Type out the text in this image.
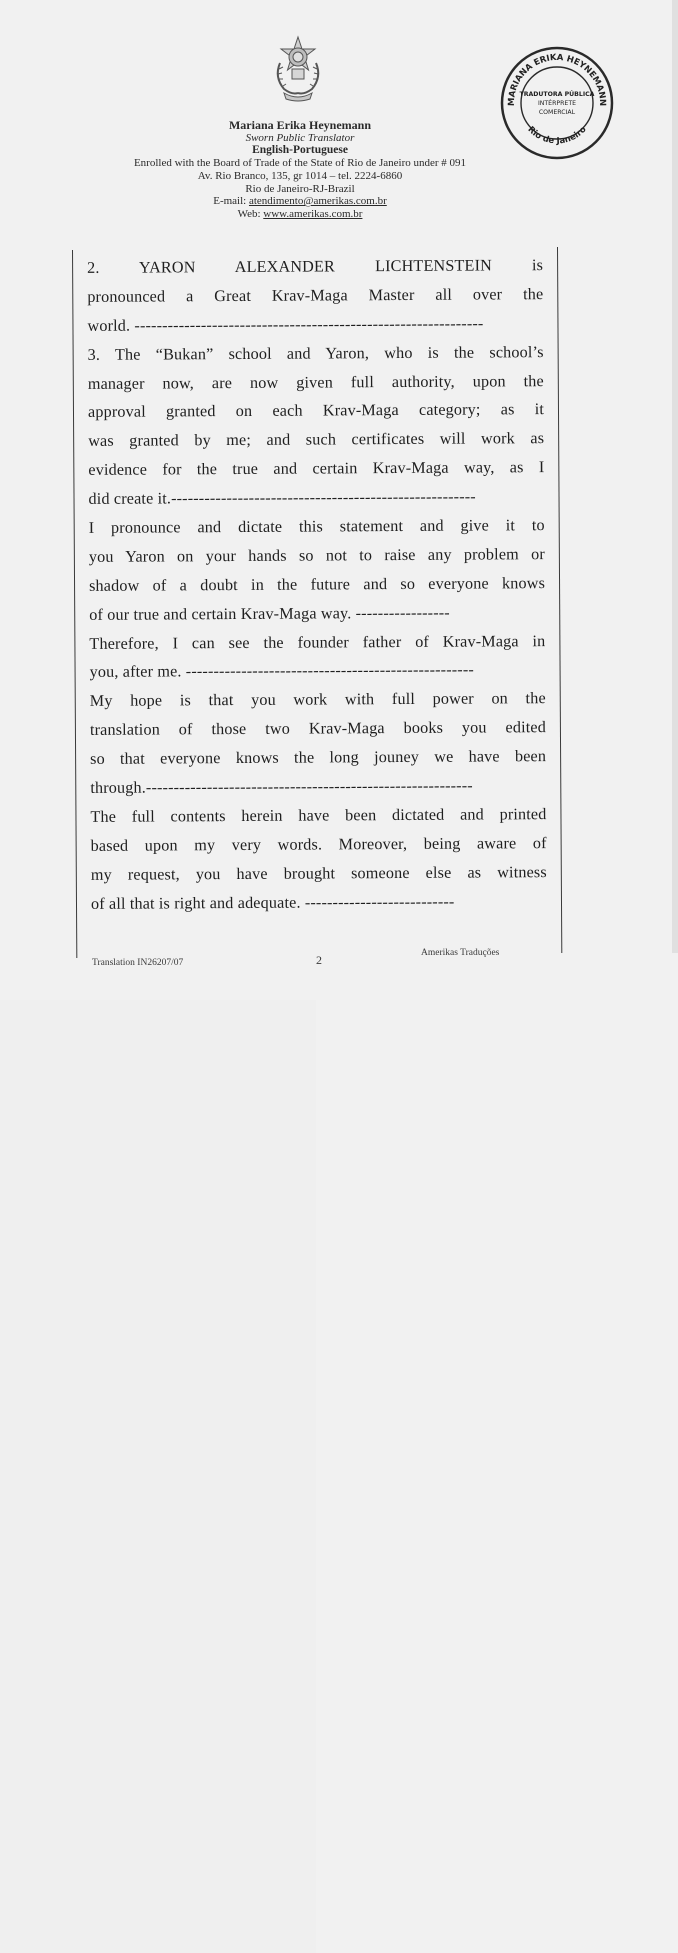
MARIANA ERIKA HEYNEMANN
Rio de Janeiro
TRADUTORA PÚBLICA
INTÉRPRETE
COMERCIAL
Mariana Erika Heynemann
Sworn Public Translator
English-Portuguese
Enrolled with the Board of Trade of the State of Rio de Janeiro under # 091
Av. Rio Branco, 135, gr 1014 – tel. 2224-6860
Rio de Janeiro-RJ-Brazil
E-mail: atendimento@amerikas.com.br
Web: www.amerikas.com.br
2. YARON ALEXANDER LICHTENSTEIN is
pronounced a Great Krav-Maga Master all over the
world. ---------------------------------------------------------------
3. The “Bukan” school and Yaron, who is the school’s
manager now, are now given full authority, upon the
approval granted on each Krav-Maga category; as it
was granted by me; and such certificates will work as
evidence for the true and certain Krav-Maga way, as I
did create it.-------------------------------------------------------
I pronounce and dictate this statement and give it to
you Yaron on your hands so not to raise any problem or
shadow of a doubt in the future and so everyone knows
of our true and certain Krav-Maga way. -----------------
Therefore, I can see the founder father of Krav-Maga in
you, after me. ----------------------------------------------------
My hope is that you work with full power on the
translation of those two Krav-Maga books you edited
so that everyone knows the long jouney we have been
through.-----------------------------------------------------------
The full contents herein have been dictated and printed
based upon my very words. Moreover, being aware of
my request, you have brought someone else as witness
of all that is right and adequate. ---------------------------
Translation IN26207/07	2	Amerikas Traduções
